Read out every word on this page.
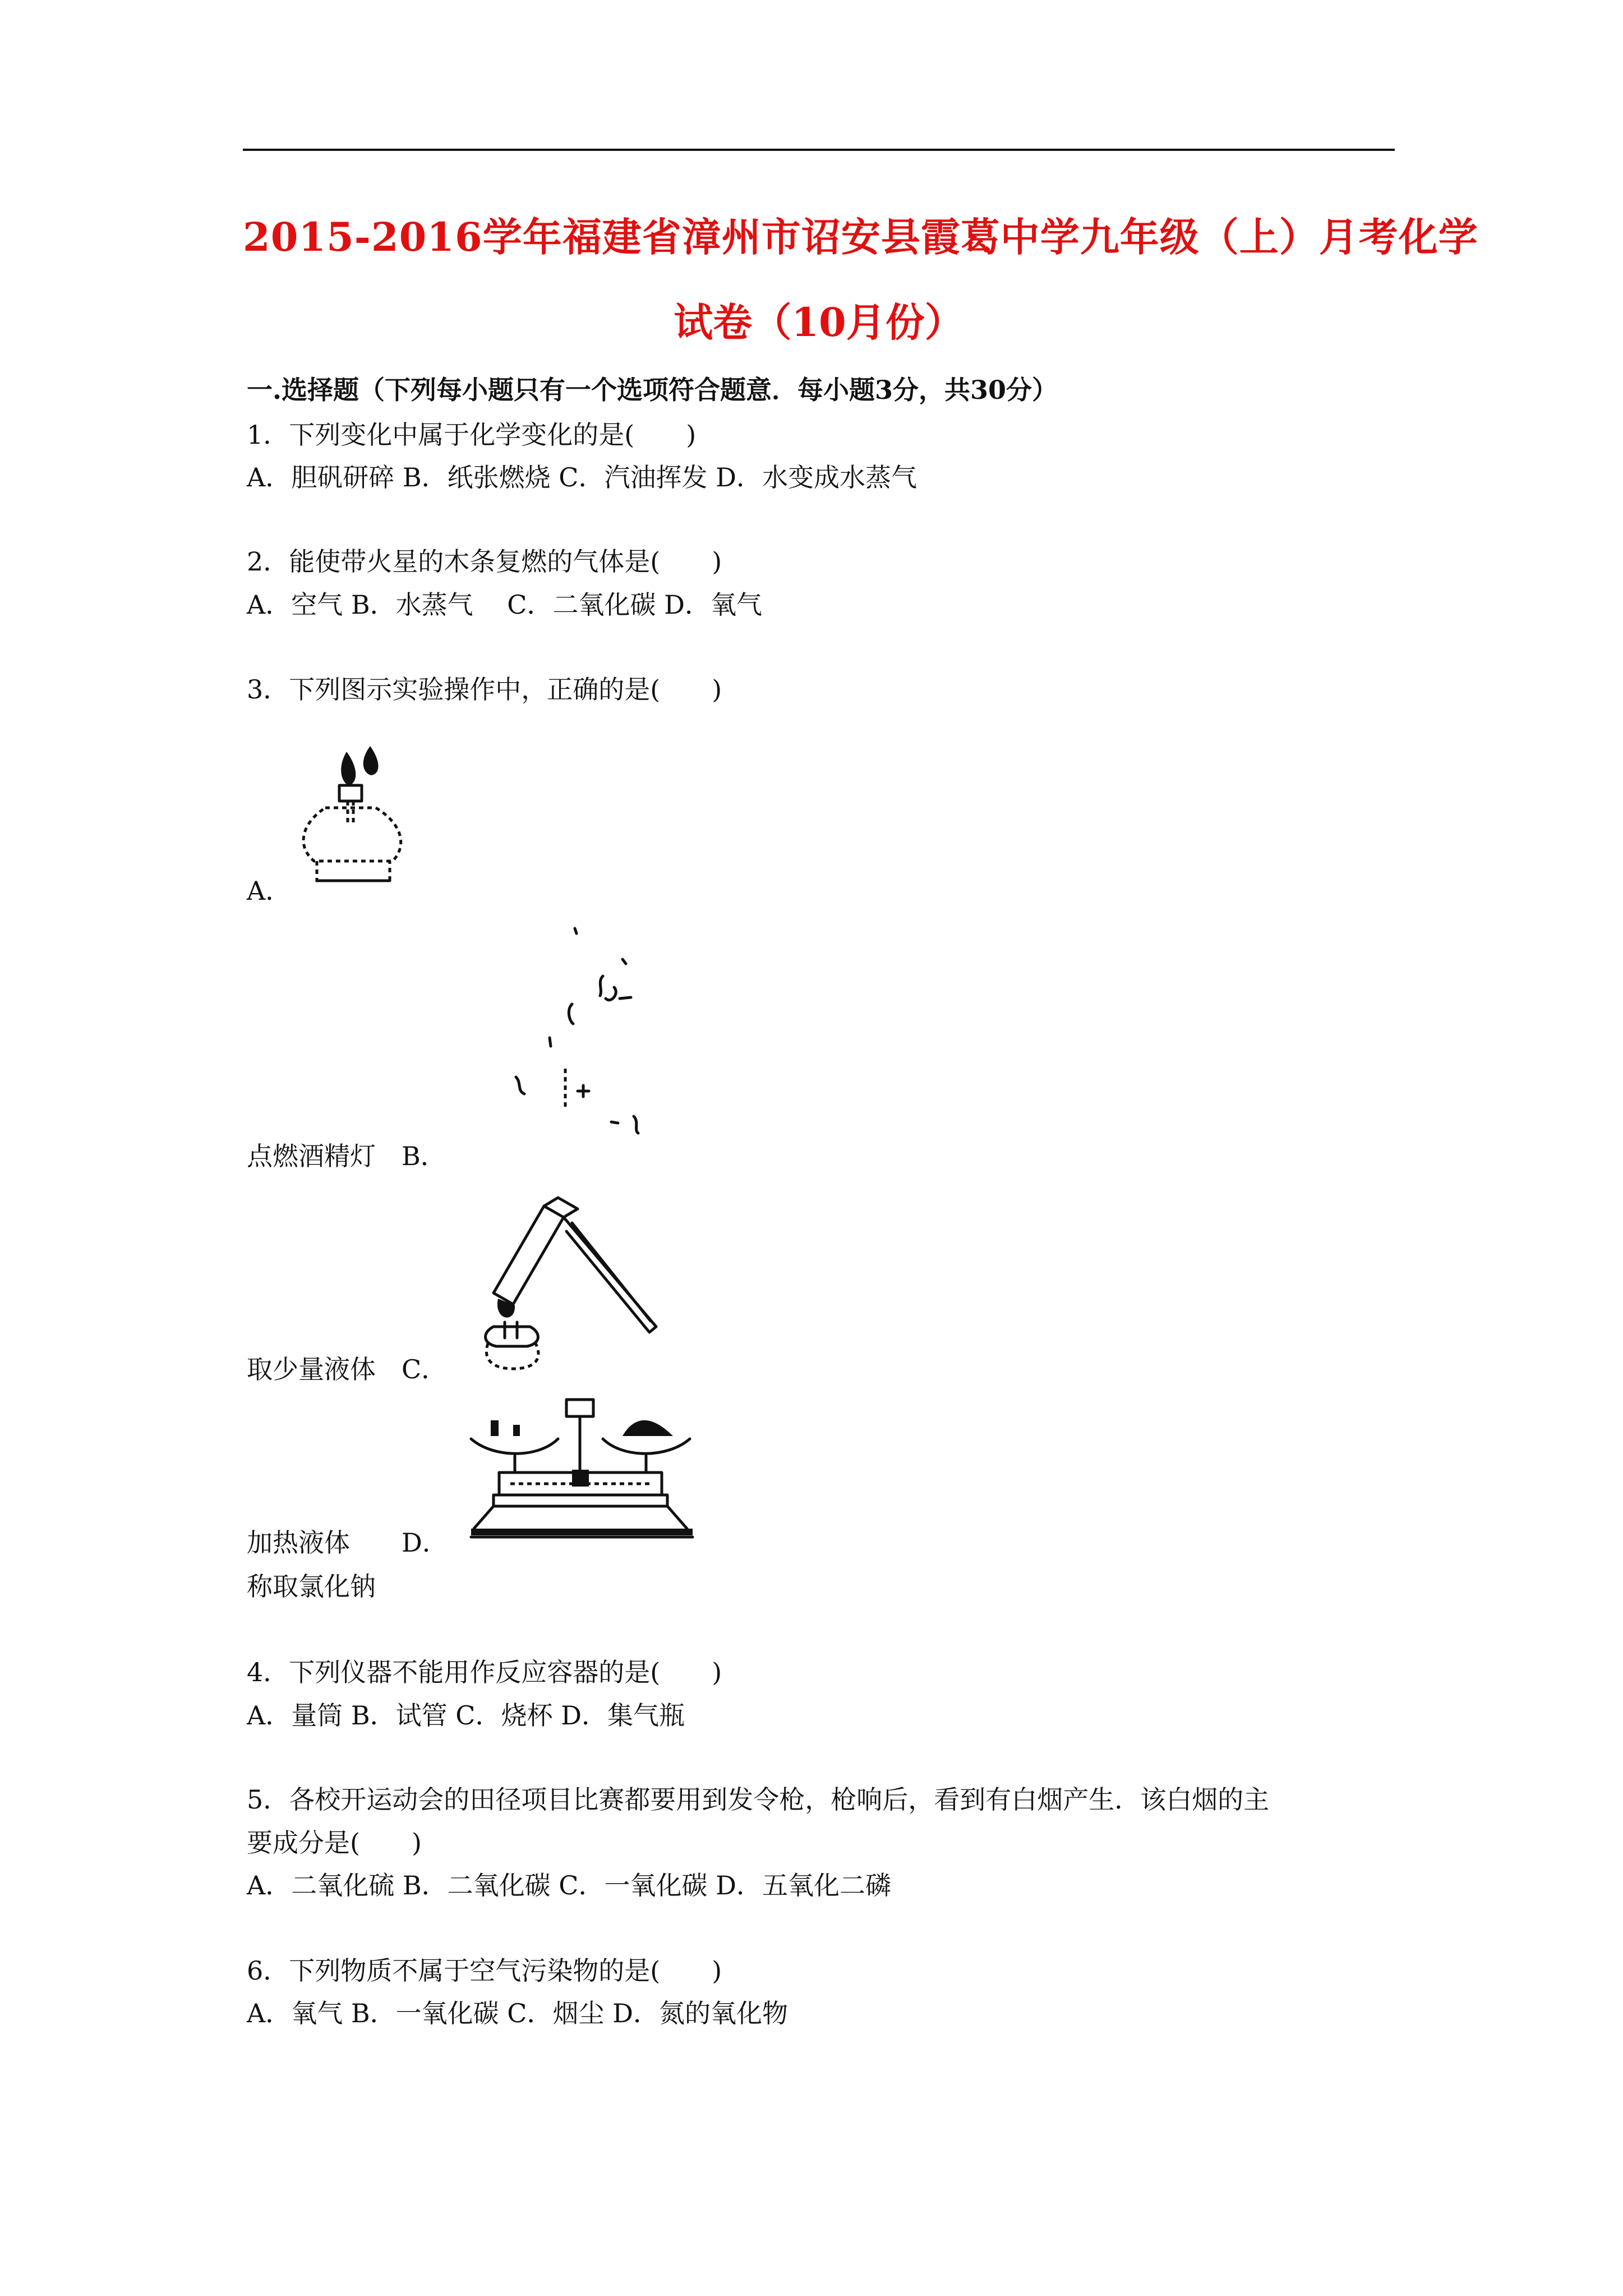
2015-2016学年福建省漳州市诏安县霞葛中学九年级（上）月考化学
试卷（10月份）
一.选择题（下列每小题只有一个选项符合题意．每小题3分，共30分）
1．下列变化中属于化学变化的是(　　)
A．胆矾研碎 B．纸张燃烧 C．汽油挥发 D．水变成水蒸气
2．能使带火星的木条复燃的气体是(　　)
A．空气 B．水蒸气　 C．二氧化碳 D．氧气
3．下列图示实验操作中，正确的是(　　)
A．
点燃酒精灯　B．
取少量液体　C．
加热液体　　D．
称取氯化钠
4．下列仪器不能用作反应容器的是(　　)
A．量筒 B．试管 C．烧杯 D．集气瓶
5．各校开运动会的田径项目比赛都要用到发令枪，枪响后，看到有白烟产生．该白烟的主
要成分是(　　)
A．二氧化硫 B．二氧化碳 C．一氧化碳 D．五氧化二磷
6．下列物质不属于空气污染物的是(　　)
A．氧气 B．一氧化碳 C．烟尘 D．氮的氧化物
